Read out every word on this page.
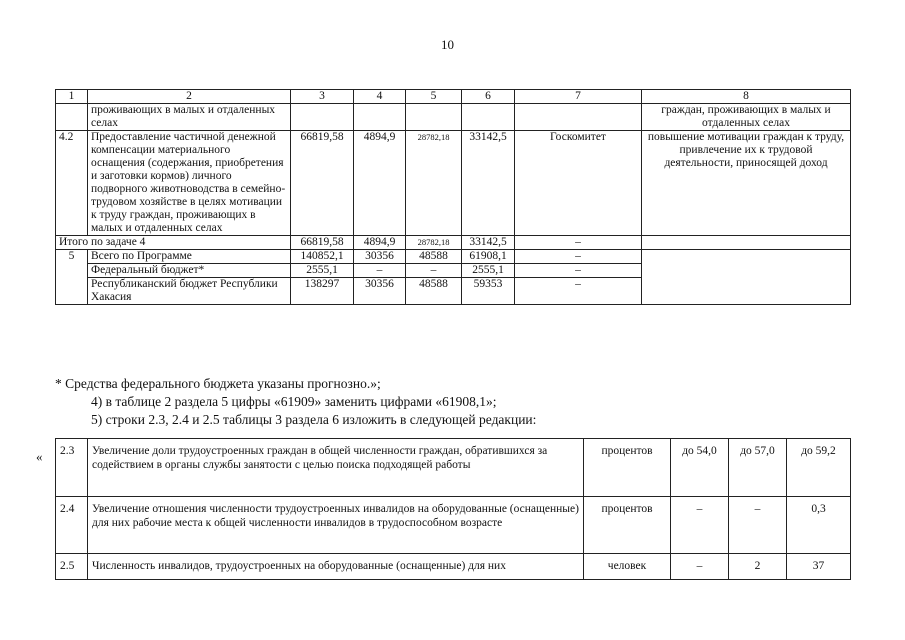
10
1	2	3	4	5	6	7	8
	проживающих в малых и отдаленных селах						граждан, проживающих в малых и отдаленных селах
4.2	Предоставление частичной денежной компенсации материального оснащения (содержания, приобретения и заготовки кормов) личного подворного животноводства в семейно-трудовом хозяйстве в целях мотивации к труду граждан, проживающих в малых и отдаленных селах	66819,58	4894,9	28782,18	33142,5	Госкомитет	повышение мотивации граждан к труду, привлечение их к трудовой деятельности, приносящей доход
Итого по задаче 4		66819,58	4894,9	28782,18	33142,5	–	
5	Всего по Программе	140852,1	30356	48588	61908,1	–	
	Федеральный бюджет*	2555,1	–	–	2555,1	–	
	Республиканский бюджет Республики Хакасия	138297	30356	48588	59353	–	
* Средства федерального бюджета указаны прогнозно.»;
4) в таблице 2 раздела 5 цифры «61909» заменить цифрами «61908,1»;
5) строки 2.3, 2.4 и 2.5 таблицы 3 раздела 6 изложить в следующей редакции:
« 2.3	Увеличение доли трудоустроенных граждан в общей численности граждан, обратившихся за содействием в органы службы занятости с целью поиска подходящей работы	процентов	до 54,0	до 57,0	до 59,2
2.4	Увеличение отношения численности трудоустроенных инвалидов на оборудованные (оснащенные) для них рабочие места к общей численности инвалидов в трудоспособном возрасте	процентов	–	–	0,3
2.5	Численность инвалидов, трудоустроенных на оборудованные (оснащенные) для них	человек	–	2	37
